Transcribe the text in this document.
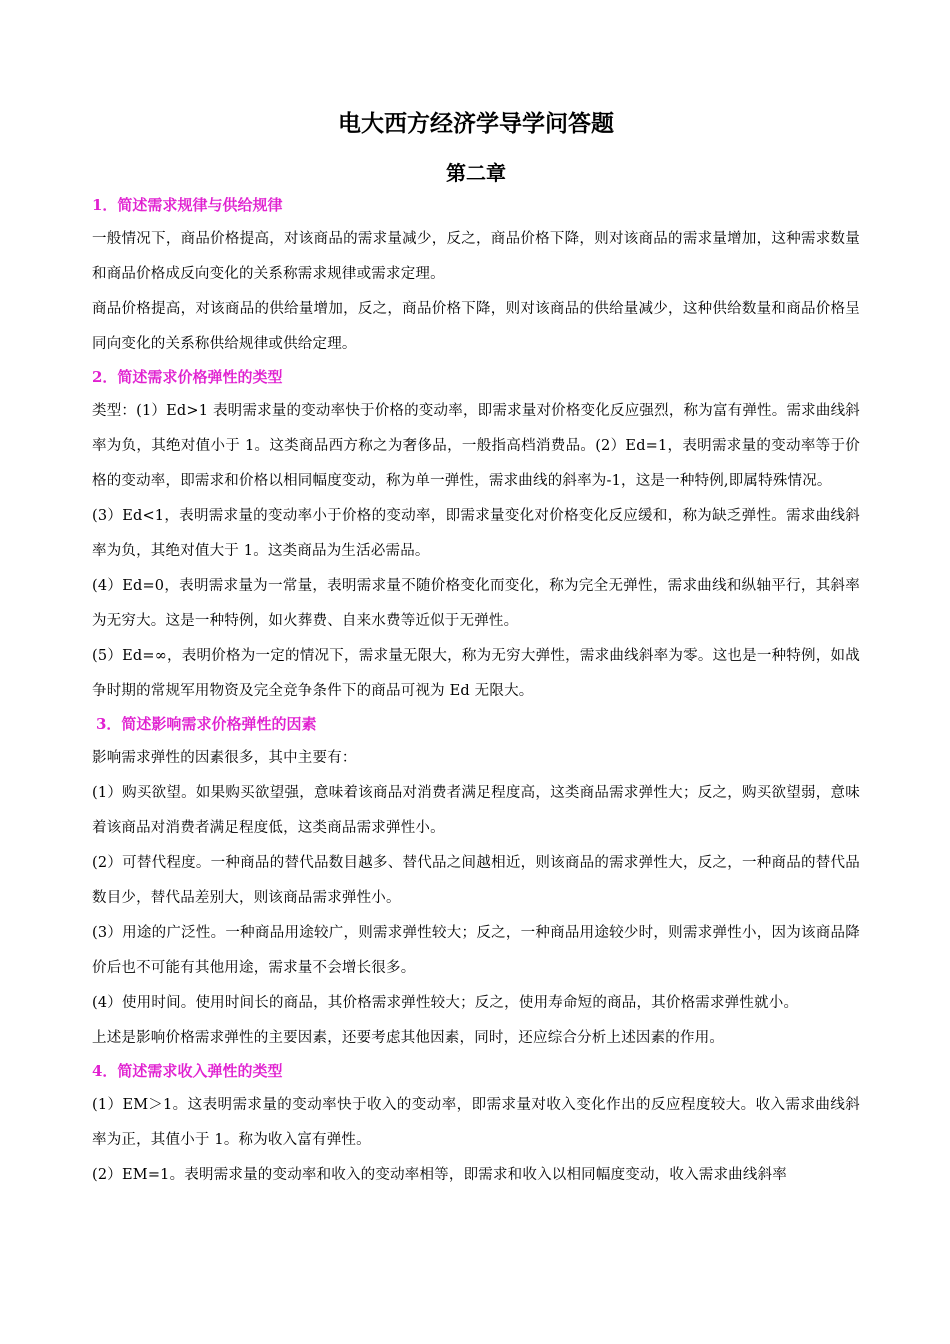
电大西方经济学导学问答题
第二章
1．简述需求规律与供给规律

一般情况下，商品价格提高，对该商品的需求量减少，反之，商品价格下降，则对该商品的需求量增加，这种需求数量和商品价格成反向变化的关系称需求规律或需求定理。

商品价格提高，对该商品的供给量增加，反之，商品价格下降，则对该商品的供给量减少，这种供给数量和商品价格呈同向变化的关系称供给规律或供给定理。

2．简述需求价格弹性的类型

类型：(1）Ed>1 表明需求量的变动率快于价格的变动率，即需求量对价格变化反应强烈，称为富有弹性。需求曲线斜率为负，其绝对值小于 1。这类商品西方称之为奢侈品，一般指高档消费品。(2）Ed=1，表明需求量的变动率等于价格的变动率，即需求和价格以相同幅度变动，称为单一弹性，需求曲线的斜率为-1，这是一种特例,即属特殊情况。

(3）Ed<1，表明需求量的变动率小于价格的变动率，即需求量变化对价格变化反应缓和，称为缺乏弹性。需求曲线斜率为负，其绝对值大于 1。这类商品为生活必需品。

(4）Ed=0，表明需求量为一常量，表明需求量不随价格变化而变化，称为完全无弹性，需求曲线和纵轴平行，其斜率为无穷大。这是一种特例，如火葬费、自来水费等近似于无弹性。

(5）Ed=∞，表明价格为一定的情况下，需求量无限大，称为无穷大弹性，需求曲线斜率为零。这也是一种特例，如战争时期的常规军用物资及完全竞争条件下的商品可视为 Ed 无限大。

3．简述影响需求价格弹性的因素

影响需求弹性的因素很多，其中主要有：

(1）购买欲望。如果购买欲望强，意味着该商品对消费者满足程度高，这类商品需求弹性大；反之，购买欲望弱，意味着该商品对消费者满足程度低，这类商品需求弹性小。

(2）可替代程度。一种商品的替代品数目越多、替代品之间越相近，则该商品的需求弹性大，反之，一种商品的替代品数目少，替代品差别大，则该商品需求弹性小。

(3）用途的广泛性。一种商品用途较广，则需求弹性较大；反之，一种商品用途较少时，则需求弹性小，因为该商品降价后也不可能有其他用途，需求量不会增长很多。

(4）使用时间。使用时间长的商品，其价格需求弹性较大；反之，使用寿命短的商品，其价格需求弹性就小。

上述是影响价格需求弹性的主要因素，还要考虑其他因素，同时，还应综合分析上述因素的作用。

4．简述需求收入弹性的类型

(1）EM＞1。这表明需求量的变动率快于收入的变动率，即需求量对收入变化作出的反应程度较大。收入需求曲线斜率为正，其值小于 1。称为收入富有弹性。

(2）EM=1。表明需求量的变动率和收入的变动率相等，即需求和收入以相同幅度变动，收入需求曲线斜率
